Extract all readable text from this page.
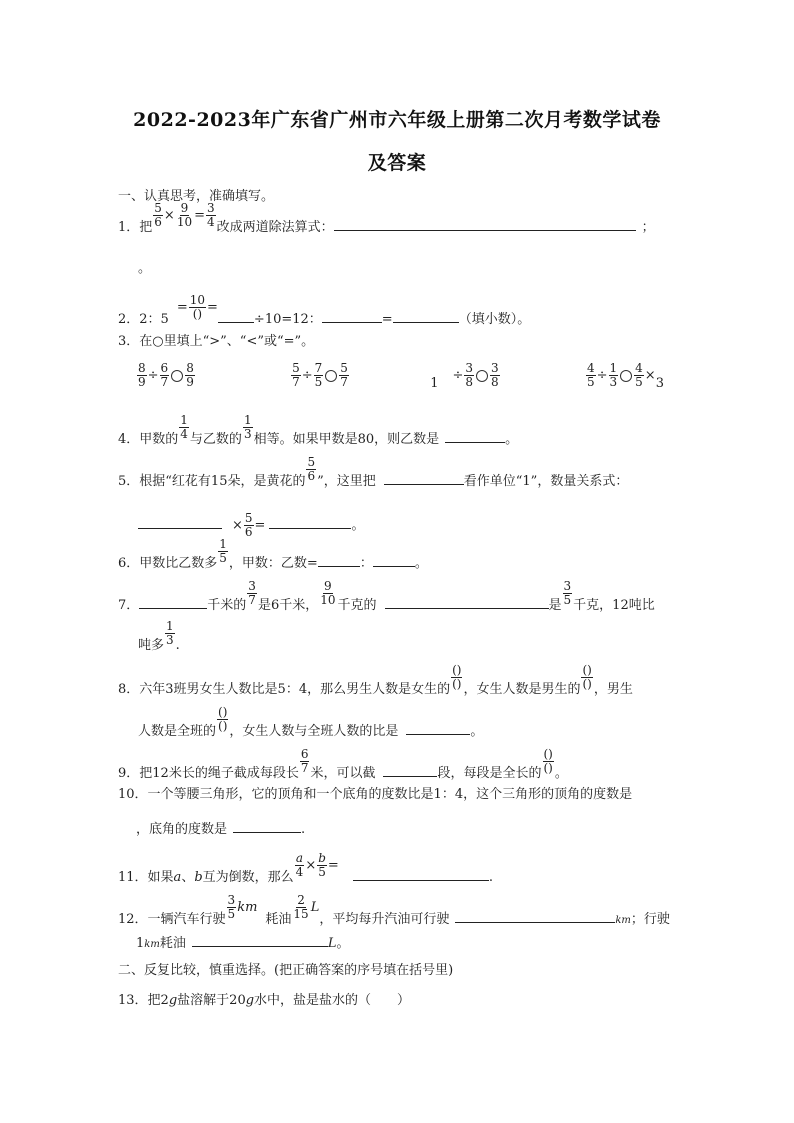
2022-2023年广东省广州市六年级上册第二次月考数学试卷
及答案
一、认真思考，准确填写。
1．把 $\frac{5}{6} \times \frac{9}{10} = \frac{3}{4}$ 改成两道除法算式：	；
。
2．2：$5= \frac{10}{()} =\div 10=12$：	=	（填小数）。
3．在○里填上“>”、“<”或“=”。
$\frac{8}{9} \div \frac{6}{7} \frac{8}{9}$
	$\frac{5}{7} \div \frac{7}{5} \frac{5}{7}$	$1\div \frac{3}{8} \frac{3}{8}$
	$\frac{4}{5} \div \frac{1}{3} \frac{4}{5} \times 3$
4．甲数的 $\frac{1}{4}$ 与乙数的 $\frac{1}{3}$ 相等。如果甲数是80，则乙数是	。
5．根据“红花有15朵，是黄花的 $\frac{5}{6}$ ”，这里把	看作单位“1”，数量关系式：
× $\frac{5}{6}$ =	。
6．甲数比乙数多 $\frac{1}{5}$ ，甲数：乙数=	：	。
7．	千米的 $\frac{3}{7}$ 是6千米， $\frac{9}{10}$ 千克的	是 $\frac{3}{5}$ 千克，12吨比
吨多 $\frac{1}{3}$ .
8．六年3班男女生人数比是5：4，那么男生人数是女生的 $\frac{()}{()}$ ，女生人数是男生的 $\frac{()}{()}$ ，男生
人数是全班的 $\frac{()}{()}$ ，女生人数与全班人数的比是	。
9．把12米长的绳子截成每段长 $\frac{6}{7}$ 米，可以截	段，每段是全长的 $\frac{()}{()}$ 。
10．一个等腰三角形，它的顶角和一个底角的度数比是1：4，这个三角形的顶角的度数是
，底角的度数是	.
11．如果a、b互为倒数，那么 $\frac{a}{4} \times \frac{b}{5}$ =.
12．一辆汽车行驶 $\frac{3}{5}$ km耗油 $\frac{2}{15}$ L，平均每升汽油可行驶	km；行驶
1km耗油	L。
二、反复比较，慎重选择。(把正确答案的序号填在括号里)
13．把2g盐溶解于20g水中，盐是盐水的（　　）
